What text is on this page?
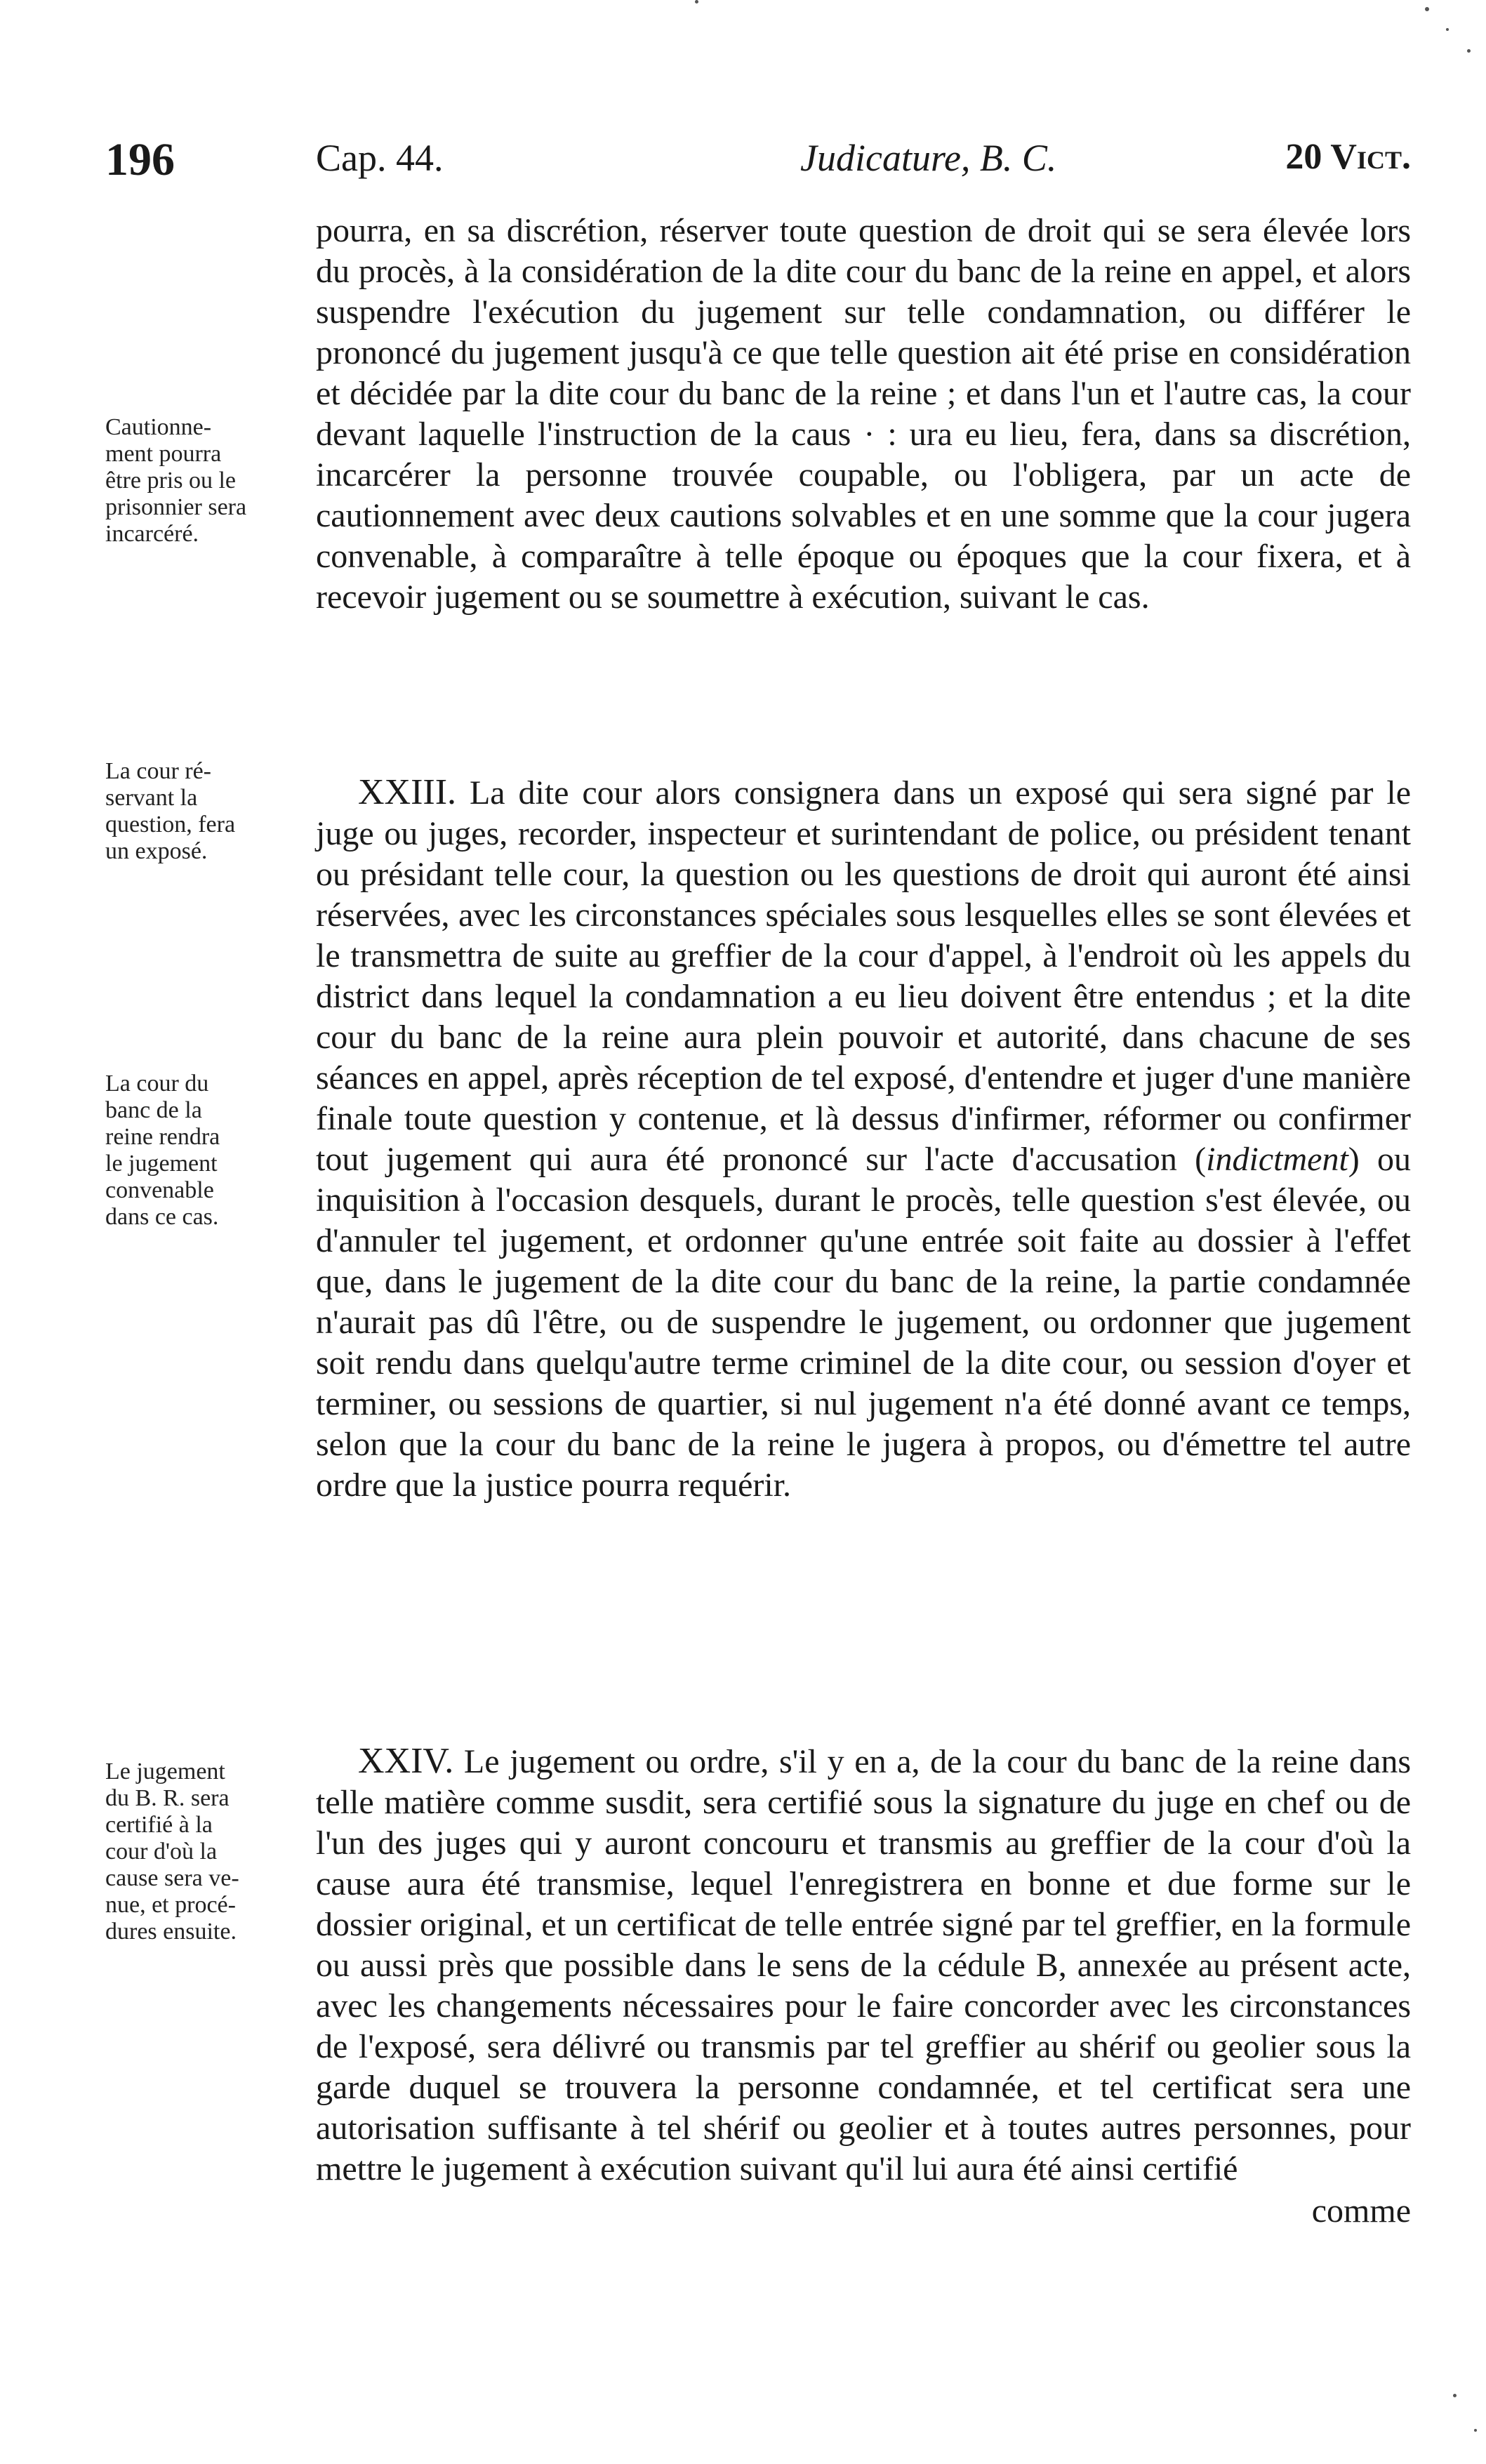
196	Cap. 44.	Judicature, B. C.	20 Vict.

pourra, en sa discrétion, réserver toute question de droit qui se sera élevée lors du procès, à la considération de la dite cour du banc de la reine en appel, et alors suspendre l'exécution du jugement sur telle condamnation, ou différer le prononcé du jugement jusqu'à ce que telle question ait été prise en considération et décidée par la dite cour du banc de la reine ; et dans l'un et l'autre cas, la cour devant laquelle l'instruction de la caus · : ura eu lieu, fera, dans sa discrétion, incarcérer la personne trouvée coupable, ou l'obligera, par un acte de cautionnement avec deux cautions solvables et en une somme que la cour jugera convenable, à comparaître à telle époque ou époques que la cour fixera, et à recevoir jugement ou se soumettre à exécution, suivant le cas.

XXIII. La dite cour alors consignera dans un exposé qui sera signé par le juge ou juges, recorder, inspecteur et surintendant de police, ou président tenant ou présidant telle cour, la question ou les questions de droit qui auront été ainsi réservées, avec les circonstances spéciales sous lesquelles elles se sont élevées et le transmettra de suite au greffier de la cour d'appel, à l'endroit où les appels du district dans lequel la condamnation a eu lieu doivent être entendus ; et la dite cour du banc de la reine aura plein pouvoir et autorité, dans chacune de ses séances en appel, après réception de tel exposé, d'entendre et juger d'une manière finale toute question y contenue, et là dessus d'infirmer, réformer ou confirmer tout jugement qui aura été prononcé sur l'acte d'accusation (indictment) ou inquisition à l'occasion desquels, durant le procès, telle question s'est élevée, ou d'annuler tel jugement, et ordonner qu'une entrée soit faite au dossier à l'effet que, dans le jugement de la dite cour du banc de la reine, la partie condamnée n'aurait pas dû l'être, ou de suspendre le jugement, ou ordonner que jugement soit rendu dans quelqu'autre terme criminel de la dite cour, ou session d'oyer et terminer, ou sessions de quartier, si nul jugement n'a été donné avant ce temps, selon que la cour du banc de la reine le jugera à propos, ou d'émettre tel autre ordre que la justice pourra requérir.

XXIV. Le jugement ou ordre, s'il y en a, de la cour du banc de la reine dans telle matière comme susdit, sera certifié sous la signature du juge en chef ou de l'un des juges qui y auront concouru et transmis au greffier de la cour d'où la cause aura été transmise, lequel l'enregistrera en bonne et due forme sur le dossier original, et un certificat de telle entrée signé par tel greffier, en la formule ou aussi près que possible dans le sens de la cédule B, annexée au présent acte, avec les changements nécessaires pour le faire concorder avec les circonstances de l'exposé, sera délivré ou transmis par tel greffier au shérif ou geolier sous la garde duquel se trouvera la personne condamnée, et tel certificat sera une autorisation suffisante à tel shérif ou geolier et à toutes autres personnes, pour mettre le jugement à exécution suivant qu'il lui aura été ainsi certifié

comme
Cautionne-
ment pourra
être pris ou le
prisonnier sera
incarcéré.
La cour ré-
servant la
question, fera
un exposé.
La cour du
banc de la
reine rendra
le jugement
convenable
dans ce cas.
Le jugement
du B. R. sera
certifié à la
cour d'où la
cause sera ve-
nue, et procé-
dures ensuite.
